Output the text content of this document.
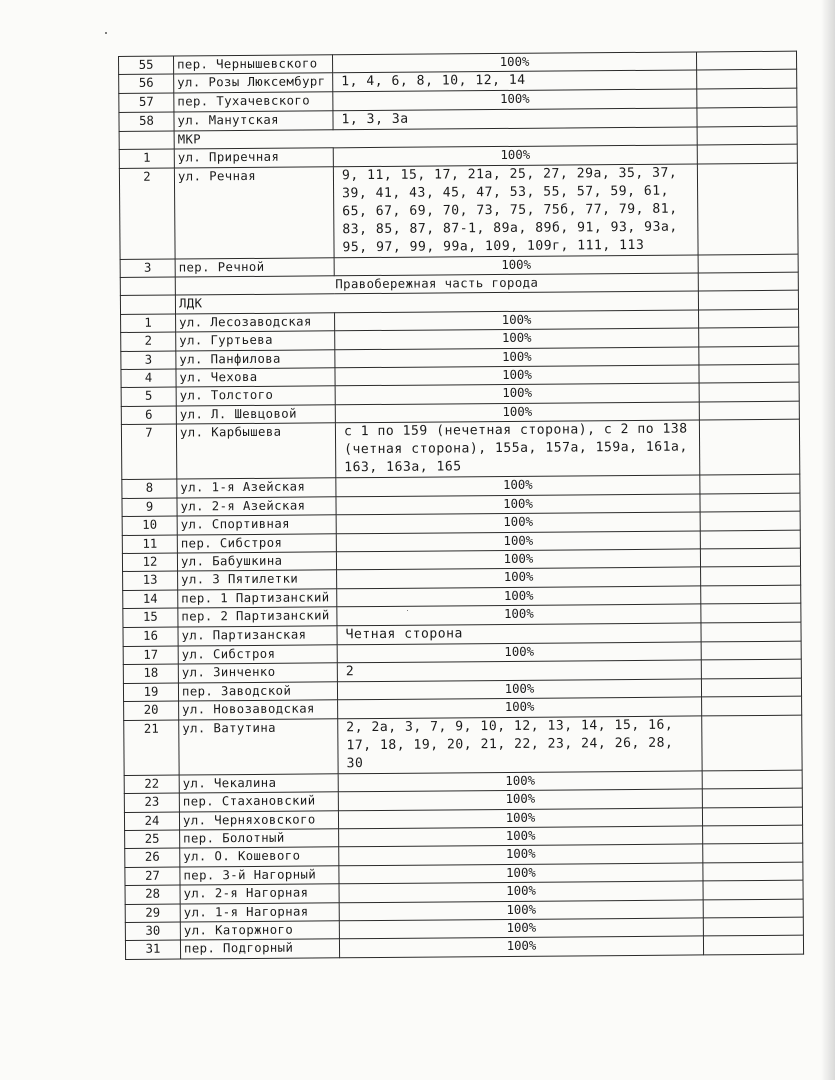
55	пер. Чернышевского	100%	
56	ул. Розы Люксембург	1, 4, 6, 8, 10, 12, 14	
57	пер. Тухачевского	100%	
58	ул. Манутская	1, 3, 3а	
	МКР		
1	ул. Приречная	100%	
2	ул. Речная	9, 11, 15, 17, 21а, 25, 27, 29а, 35, 37, 39, 41, 43, 45, 47, 53, 55, 57, 59, 61, 65, 67, 69, 70, 73, 75, 75б, 77, 79, 81, 83, 85, 87, 87-1, 89а, 89б, 91, 93, 93а, 95, 97, 99, 99а, 109, 109г, 111, 113	
3	пер. Речной	100%	
	Правобережная часть города		
	ЛДК		
1	ул. Лесозаводская	100%	
2	ул. Гуртьева	100%	
3	ул. Панфилова	100%	
4	ул. Чехова	100%	
5	ул. Толстого	100%	
6	ул. Л. Шевцовой	100%	
7	ул. Карбышева	с 1 по 159 (нечетная сторона), с 2 по 138 (четная сторона), 155а, 157а, 159а, 161а, 163, 163а, 165	
8	ул. 1-я Азейская	100%	
9	ул. 2-я Азейская	100%	
10	ул. Спортивная	100%	
11	пер. Сибстроя	100%	
12	ул. Бабушкина	100%	
13	ул. 3 Пятилетки	100%	
14	пер. 1 Партизанский	100%	
15	пер. 2 Партизанский	100%	
16	ул. Партизанская	Четная сторона	
17	ул. Сибстроя	100%	
18	ул. Зинченко	2	
19	пер. Заводской	100%	
20	ул. Новозаводская	100%	
21	ул. Ватутина	2, 2а, 3, 7, 9, 10, 12, 13, 14, 15, 16, 17, 18, 19, 20, 21, 22, 23, 24, 26, 28, 30	
22	ул. Чекалина	100%	
23	пер. Стахановский	100%	
24	ул. Черняховского	100%	
25	пер. Болотный	100%	
26	ул. О. Кошевого	100%	
27	пер. 3-й Нагорный	100%	
28	ул. 2-я Нагорная	100%	
29	ул. 1-я Нагорная	100%	
30	ул. Каторжного	100%	
31	пер. Подгорный	100%	
